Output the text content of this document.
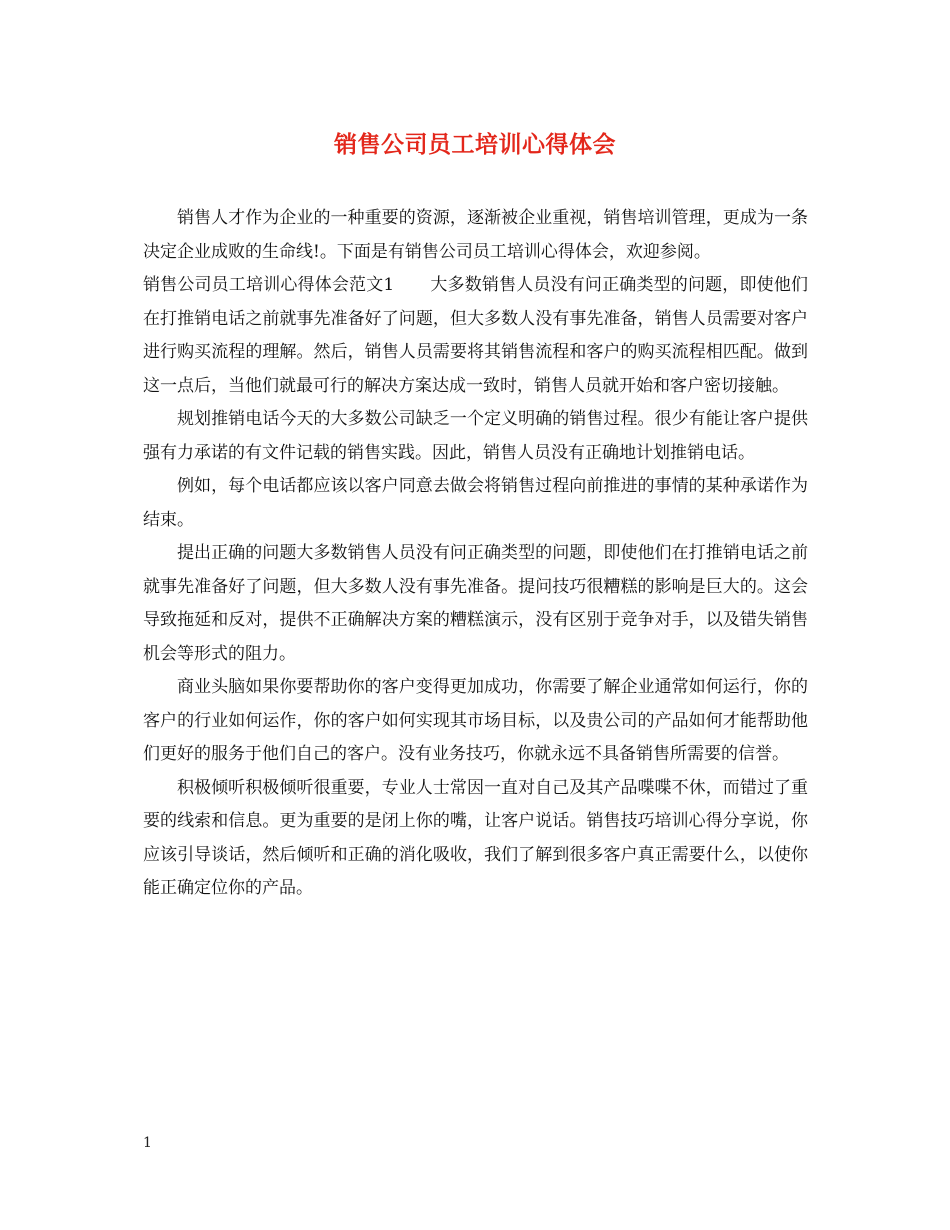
销售公司员工培训心得体会

销售人才作为企业的一种重要的资源，逐渐被企业重视，销售培训管理，更成为一条决定企业成败的生命线!。下面是有销售公司员工培训心得体会，欢迎参阅。

销售公司员工培训心得体会范文1 大多数销售人员没有问正确类型的问题，即使他们在打推销电话之前就事先准备好了问题，但大多数人没有事先准备，销售人员需要对客户进行购买流程的理解。然后，销售人员需要将其销售流程和客户的购买流程相匹配。做到这一点后，当他们就最可行的解决方案达成一致时，销售人员就开始和客户密切接触。

规划推销电话今天的大多数公司缺乏一个定义明确的销售过程。很少有能让客户提供强有力承诺的有文件记载的销售实践。因此，销售人员没有正确地计划推销电话。

例如，每个电话都应该以客户同意去做会将销售过程向前推进的事情的某种承诺作为结束。

提出正确的问题大多数销售人员没有问正确类型的问题，即使他们在打推销电话之前就事先准备好了问题，但大多数人没有事先准备。提问技巧很糟糕的影响是巨大的。这会导致拖延和反对，提供不正确解决方案的糟糕演示，没有区别于竞争对手，以及错失销售机会等形式的阻力。

商业头脑如果你要帮助你的客户变得更加成功，你需要了解企业通常如何运行，你的客户的行业如何运作，你的客户如何实现其市场目标，以及贵公司的产品如何才能帮助他们更好的服务于他们自己的客户。没有业务技巧，你就永远不具备销售所需要的信誉。

积极倾听积极倾听很重要，专业人士常因一直对自己及其产品喋喋不休，而错过了重要的线索和信息。更为重要的是闭上你的嘴，让客户说话。销售技巧培训心得分享说，你应该引导谈话，然后倾听和正确的消化吸收，我们了解到很多客户真正需要什么，以使你能正确定位你的产品。

1
